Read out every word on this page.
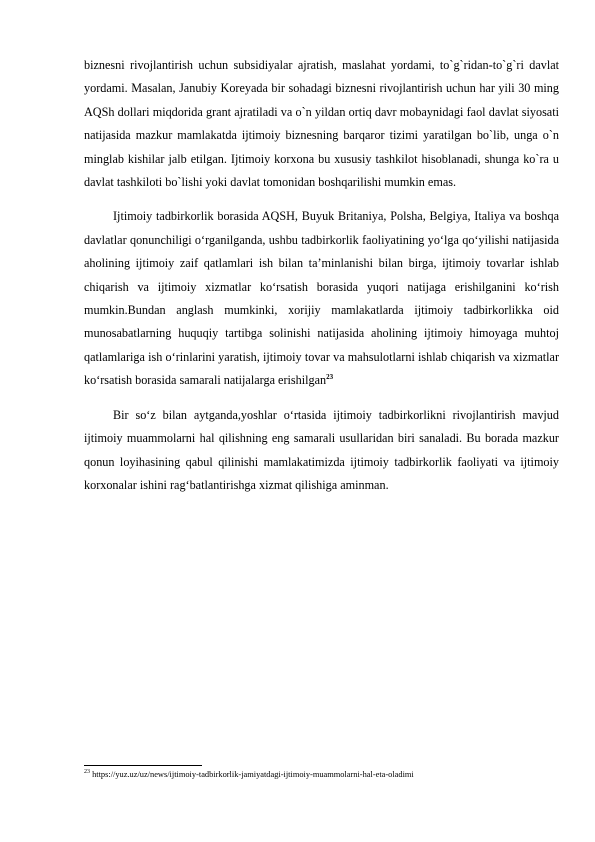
biznesni rivojlantirish uchun subsidiyalar ajratish, maslahat yordami, to`g`ridan-to`g`ri davlat yordami. Masalan, Janubiy Koreyada bir sohadagi biznesni rivojlantirish uchun har yili 30 ming AQSh dollari miqdorida grant ajratiladi va o`n yildan ortiq davr mobaynidagi faol davlat siyosati natijasida mazkur mamlakatda ijtimoiy biznesning barqaror tizimi yaratilgan bo`lib, unga o`n minglab kishilar jalb etilgan. Ijtimoiy korxona bu xususiy tashkilot hisoblanadi, shunga ko`ra u davlat tashkiloti bo`lishi yoki davlat tomonidan boshqarilishi mumkin emas.

Ijtimoiy tadbirkorlik borasida AQSH, Buyuk Britaniya, Polsha, Belgiya, Italiya va boshqa davlatlar qonunchiligi o‘rganilganda, ushbu tadbirkorlik faoliyatining yo‘lga qo‘yilishi natijasida aholining ijtimoiy zaif qatlamlari ish bilan ta’minlanishi bilan birga, ijtimoiy tovarlar ishlab chiqarish va ijtimoiy xizmatlar ko‘rsatish borasida yuqori natijaga erishilganini ko‘rish mumkin.Bundan anglash mumkinki, xorijiy mamlakatlarda ijtimoiy tadbirkorlikka oid munosabatlarning huquqiy tartibga solinishi natijasida aholining ijtimoiy himoyaga muhtoj qatlamlariga ish o‘rinlarini yaratish, ijtimoiy tovar va mahsulotlarni ishlab chiqarish va xizmatlar ko‘rsatish borasida samarali natijalarga erishilgan$^{23}$

Bir so‘z bilan aytganda,yoshlar o‘rtasida ijtimoiy tadbirkorlikni rivojlantirish mavjud ijtimoiy muammolarni hal qilishning eng samarali usullaridan biri sanaladi. Bu borada mazkur qonun loyihasining qabul qilinishi mamlakatimizda ijtimoiy tadbirkorlik faoliyati va ijtimoiy korxonalar ishini rag‘batlantirishga xizmat qilishiga aminman.

$^{23}$ https://yuz.uz/uz/news/ijtimoiy-tadbirkorlik-jamiyatdagi-ijtimoiy-muammolarni-hal-eta-oladimi
